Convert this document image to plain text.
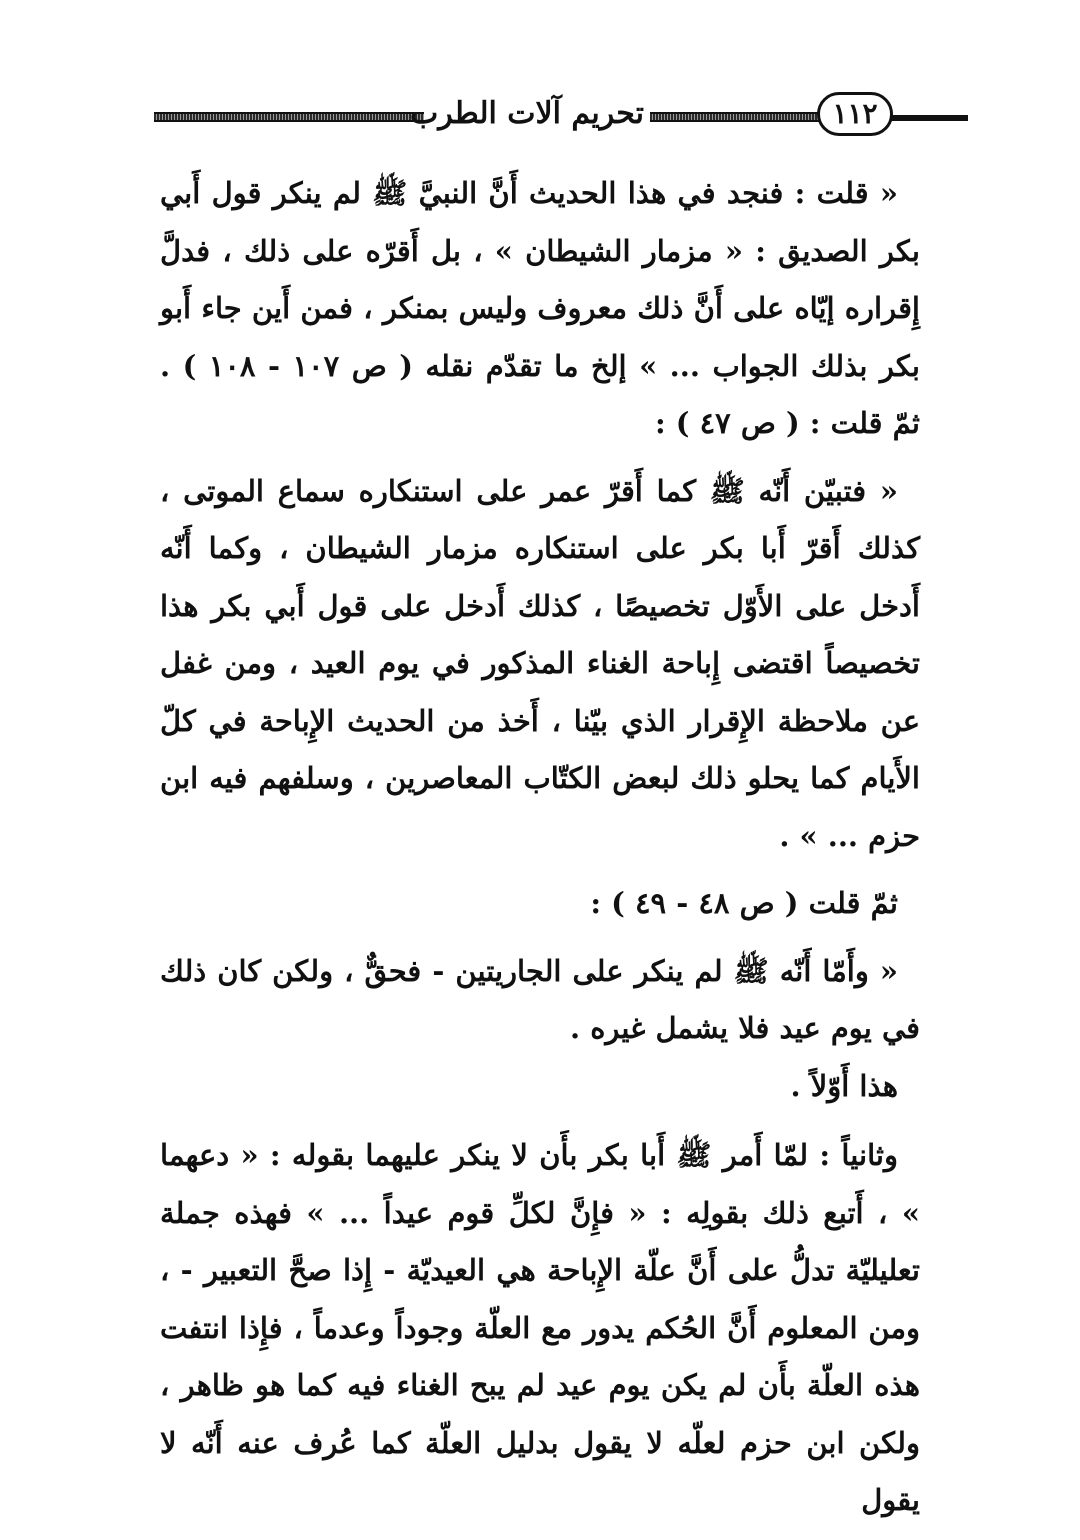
تحريم آلات الطرب	١١٢

« قلت : فنجد في هذا الحديث أَنَّ النبيَّ ﷺ لم ينكر قول أَبي بكر الصديق : « مزمار الشيطان » ، بل أَقرّه على ذلك ، فدلَّ إِقراره إيّاه على أَنَّ ذلك معروف وليس بمنكر ، فمن أَين جاء أَبو بكر بذلك الجواب ... » إلخ ما تقدّم نقله ( ص ١٠٧ - ١٠٨ ) . ثمّ قلت : ( ص ٤٧ ) :

« فتبيّن أَنّه ﷺ كما أَقرّ عمر على استنكاره سماع الموتى ، كذلك أَقرّ أَبا بكر على استنكاره مزمار الشيطان ، وكما أَنّه أَدخل على الأَوّل تخصيصًا ، كذلك أَدخل على قول أَبي بكر هذا تخصيصاً اقتضى إِباحة الغناء المذكور في يوم العيد ، ومن غفل عن ملاحظة الإِقرار الذي بيّنا ، أَخذ من الحديث الإِباحة في كلّ الأَيام كما يحلو ذلك لبعض الكتّاب المعاصرين ، وسلفهم فيه ابن حزم ... » .

ثمّ قلت ( ص ٤٨ - ٤٩ ) :

« وأَمّا أَنّه ﷺ لم ينكر على الجاريتين - فحقٌّ ، ولكن كان ذلك في يوم عيد فلا يشمل غيره .

هذا أَوّلاً .

وثانياً : لمّا أَمر ﷺ أَبا بكر بأَن لا ينكر عليهما بقوله : « دعهما » ، أَتبع ذلك بقولِه : « فإِنَّ لكلِّ قوم عيداً ... » فهذه جملة تعليليّة تدلُّ على أَنَّ علّة الإِباحة هي العيديّة - إِذا صحَّ التعبير - ، ومن المعلوم أَنَّ الحُكم يدور مع العلّة وجوداً وعدماً ، فإِذا انتفت هذه العلّة بأَن لم يكن يوم عيد لم يبح الغناء فيه كما هو ظاهر ، ولكن ابن حزم لعلّه لا يقول بدليل العلّة كما عُرف عنه أَنّه لا يقول
